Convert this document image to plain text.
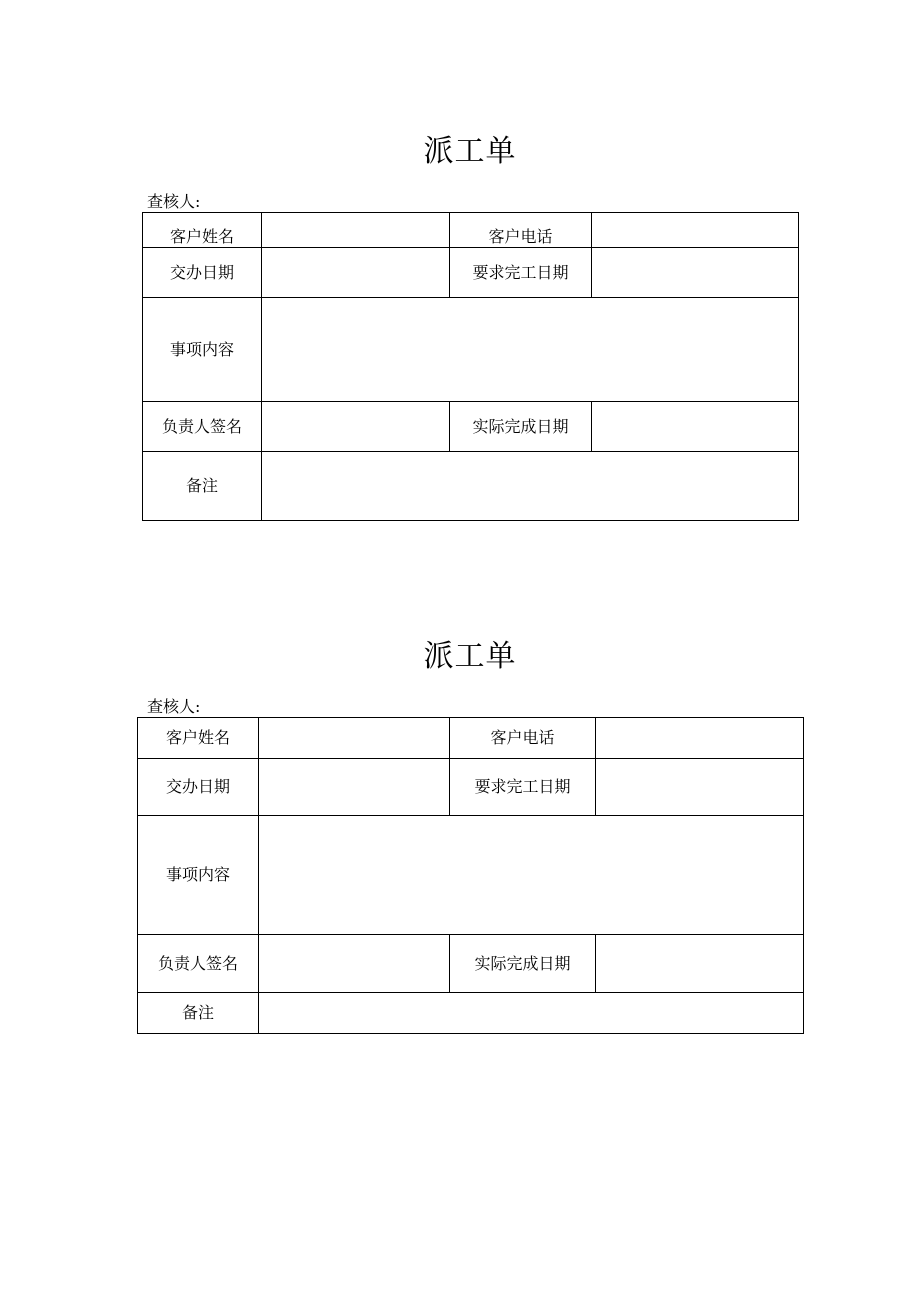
派工单
查核人:
客户姓名		客户电话	
交办日期		要求完工日期	
事项内容			
负责人签名		实际完成日期	
备注			
派工单
查核人:
客户姓名		客户电话	
交办日期		要求完工日期	
事项内容			
负责人签名		实际完成日期	
备注			
